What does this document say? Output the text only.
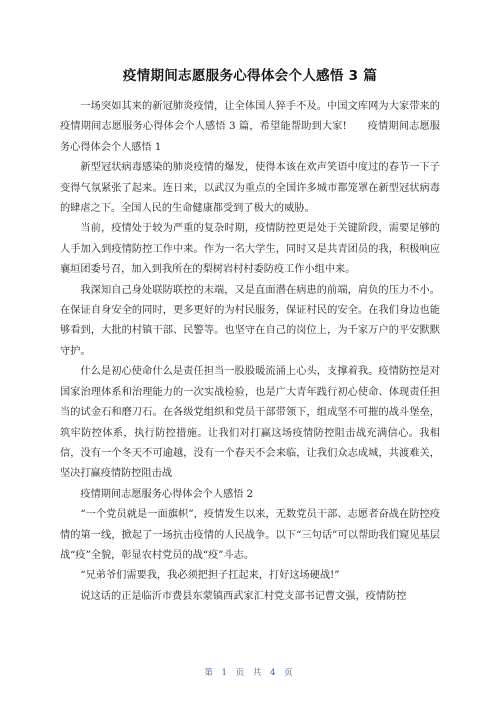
疫情期间志愿服务心得体会个人感悟 3 篇

一场突如其来的新冠肺炎疫情，让全体国人猝手不及。中国文库网为大家带来的疫情期间志愿服务心得体会个人感悟 3 篇，希望能帮助到大家!　　疫情期间志愿服务心得体会个人感悟 1

新型冠状病毒感染的肺炎疫情的爆发，使得本该在欢声笑语中度过的春节一下子变得气氛紧张了起来。连日来，以武汉为重点的全国许多城市都笼罩在新型冠状病毒的肆虐之下。全国人民的生命健康都受到了极大的威胁。

当前，疫情处于较为严重的复杂时期，疫情防控更是处于关键阶段，需要足够的人手加入到疫情防控工作中来。作为一名大学生，同时又是共青团员的我，积极响应襄垣团委号召，加入到我所在的梨树岩村村委防疫工作小组中来。

我深知自己身处联防联控的末端，又是直面潜在病患的前端，肩负的压力不小。在保证自身安全的同时，更多更好的为村民服务，保证村民的安全。在我们身边也能够看到，大批的村镇干部、民警等。也坚守在自己的岗位上，为千家万户的平安默默守护。

什么是初心使命什么是责任担当一股股暖流涌上心头，支撑着我。疫情防控是对国家治理体系和治理能力的一次实战检验，也是广大青年践行初心使命、体现责任担当的试金石和磨刀石。在各级党组织和党员干部带领下，组成坚不可摧的战斗堡垒，筑牢防控体系，执行防控措施。让我们对打赢这场疫情防控阻击战充满信心。我相信，没有一个冬天不可逾越，没有一个春天不会来临，让我们众志成城，共渡难关，坚决打赢疫情防控阻击战

疫情期间志愿服务心得体会个人感悟 2

“一个党员就是一面旗帜”，疫情发生以来，无数党员干部、志愿者奋战在防控疫情的第一线，掀起了一场抗击疫情的人民战争。以下“三句话”可以帮助我们窥见基层战“疫”全貌，彰显农村党员的战“疫”斗志。

“兄弟爷们需要我，我必须把担子扛起来，打好这场硬战!”

说这话的正是临沂市费县东蒙镇西武家汇村党支部书记曹文强，疫情防控

第 1 页 共 4 页
